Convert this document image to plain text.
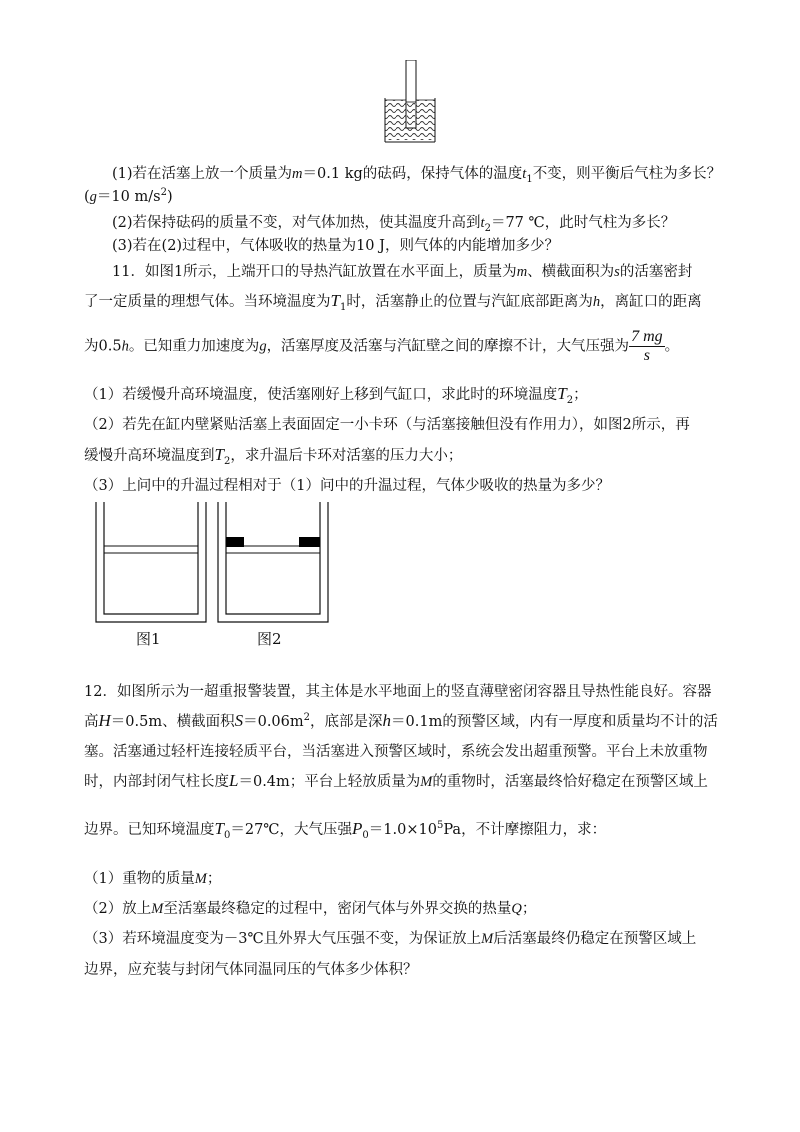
(1)若在活塞上放一个质量为m＝0.1 kg的砝码，保持气体的温度$t_1$不变，则平衡后气柱为多长？
(g＝10 $m/s^2$)
(2)若保持砝码的质量不变，对气体加热，使其温度升高到$t_2=77$ ℃，此时气柱为多长？
(3)若在(2)过程中，气体吸收的热量为10 J，则气体的内能增加多少？
11．如图1所示，上端开口的导热汽缸放置在水平面上，质量为m、横截面积为s的活塞密封
了一定质量的理想气体。当环境温度为$T_1$时，活塞静止的位置与汽缸底部距离为h，离缸口的距离
为0.5h。已知重力加速度为g，活塞厚度及活塞与汽缸壁之间的摩擦不计，大气压强为 $\frac{7 mg}{s}$ 。
（1）若缓慢升高环境温度，使活塞刚好上移到气缸口，求此时的环境温度$T_2$；
（2）若先在缸内壁紧贴活塞上表面固定一小卡环（与活塞接触但没有作用力），如图2所示，再
缓慢升高环境温度到$T_2$，求升温后卡环对活塞的压力大小；
（3）上问中的升温过程相对于（1）问中的升温过程，气体少吸收的热量为多少？
图1	图2
12．如图所示为一超重报警装置，其主体是水平地面上的竖直薄壁密闭容器且导热性能良好。容器
高H＝0.5m、横截面积$S=0.06m^2$，底部是深h＝0.1m的预警区域，内有一厚度和质量均不计的活
塞。活塞通过轻杆连接轻质平台，当活塞进入预警区域时，系统会发出超重预警。平台上未放重物
时，内部封闭气柱长度L＝0.4m；平台上轻放质量为M的重物时，活塞最终恰好稳定在预警区域上
边界。已知环境温度$T_0=27℃$，大气压强$P_0=1.0\times 10^5Pa$，不计摩擦阻力，求：
（1）重物的质量M；
（2）放上M至活塞最终稳定的过程中，密闭气体与外界交换的热量Q；
（3）若环境温度变为－3℃且外界大气压强不变，为保证放上M后活塞最终仍稳定在预警区域上
边界，应充装与封闭气体同温同压的气体多少体积？
